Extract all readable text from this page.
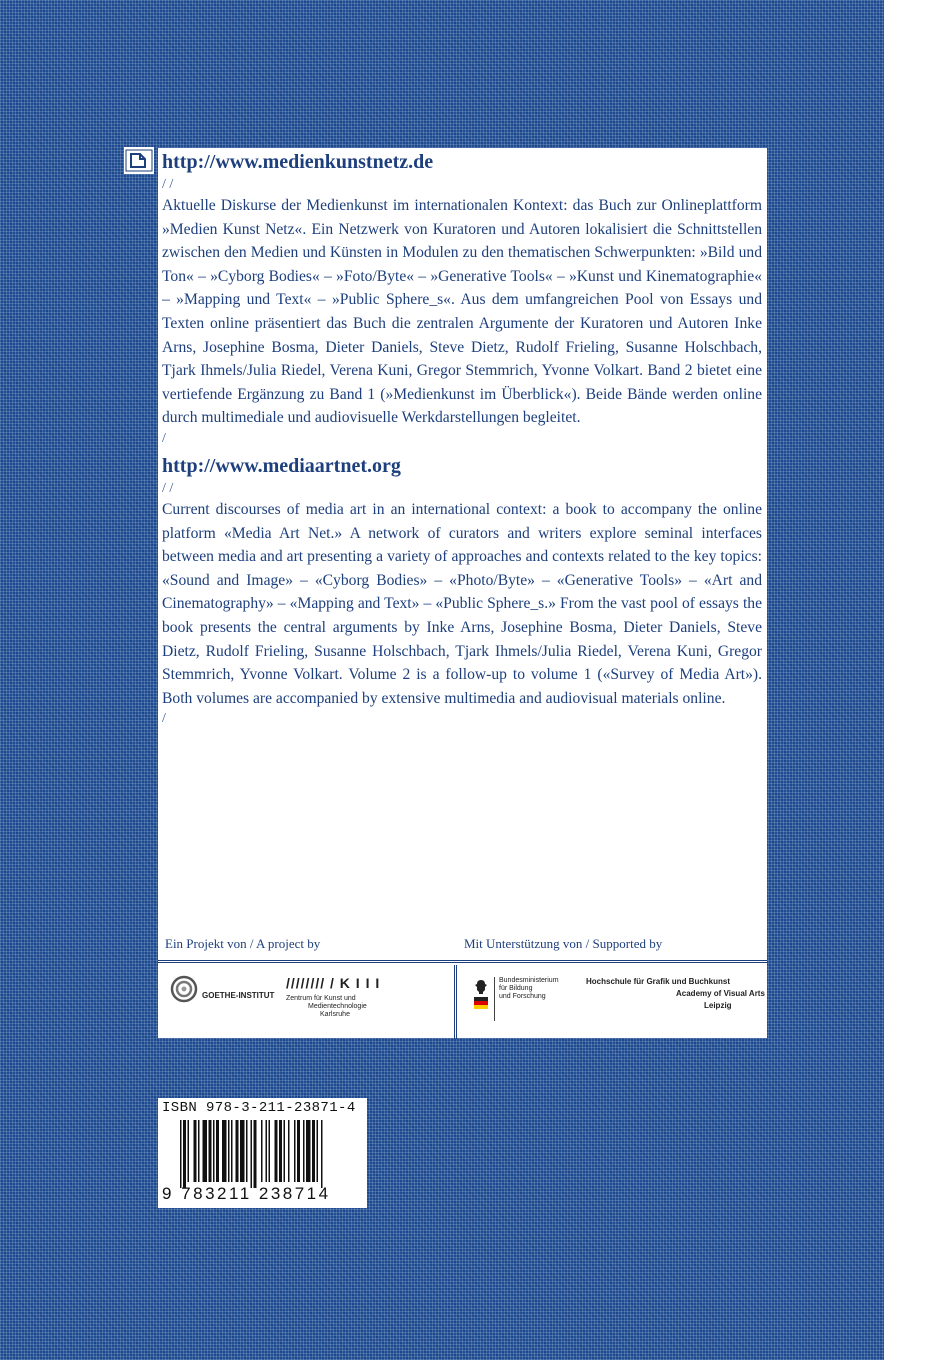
http://www.medienkunstnetz.de

/ /

Aktuelle Diskurse der Medienkunst im internationalen Kontext: das Buch zur Onlineplattform »Medien Kunst Netz«. Ein Netzwerk von Kuratoren und Autoren lokalisiert die Schnittstellen zwischen den Medien und Künsten in Modulen zu den thematischen Schwerpunkten: »Bild und Ton« – »Cyborg Bodies« – »Foto/Byte« – »Generative Tools« – »Kunst und Kinematographie« – »Mapping und Text« – »Public Sphere_s«. Aus dem umfangreichen Pool von Essays und Texten online präsentiert das Buch die zentralen Argumente der Kuratoren und Autoren Inke Arns, Josephine Bosma, Dieter Daniels, Steve Dietz, Rudolf Frieling, Susanne Holschbach, Tjark Ihmels/Julia Riedel, Verena Kuni, Gregor Stemmrich, Yvonne Volkart. Band 2 bietet eine vertiefende Ergänzung zu Band 1 (»Medienkunst im Überblick«). Beide Bände werden online durch multimediale und audiovisuelle Werkdarstellungen begleitet.

/

http://www.mediaartnet.org

/ /

Current discourses of media art in an international context: a book to accompany the online platform «Media Art Net.» A network of curators and writers explore seminal interfaces between media and art presenting a variety of approaches and contexts related to the key topics: «Sound and Image» – «Cyborg Bodies» – «Photo/Byte» – «Generative Tools» – «Art and Cinematography» – «Mapping and Text» – «Public Sphere_s.» From the vast pool of essays the book presents the central arguments by Inke Arns, Josephine Bosma, Dieter Daniels, Steve Dietz, Rudolf Frieling, Susanne Holschbach, Tjark Ihmels/Julia Riedel, Verena Kuni, Gregor Stemmrich, Yvonne Volkart. Volume 2 is a follow-up to volume 1 («Survey of Media Art»). Both volumes are accompanied by extensive multimedia and audiovisual materials online.

/

Ein Projekt von / A project by	Mit Unterstützung von / Supported by
GOETHE-INSTITUT
//////// / K I I I
Zentrum für Kunst und
Medientechnologie
Karlsruhe
Bundesministerium
für Bildung
und Forschung
Hochschule für Grafik und Buchkunst
Academy of Visual Arts
Leipzig
ISBN 978-3-211-23871-4
9 783211 238714
